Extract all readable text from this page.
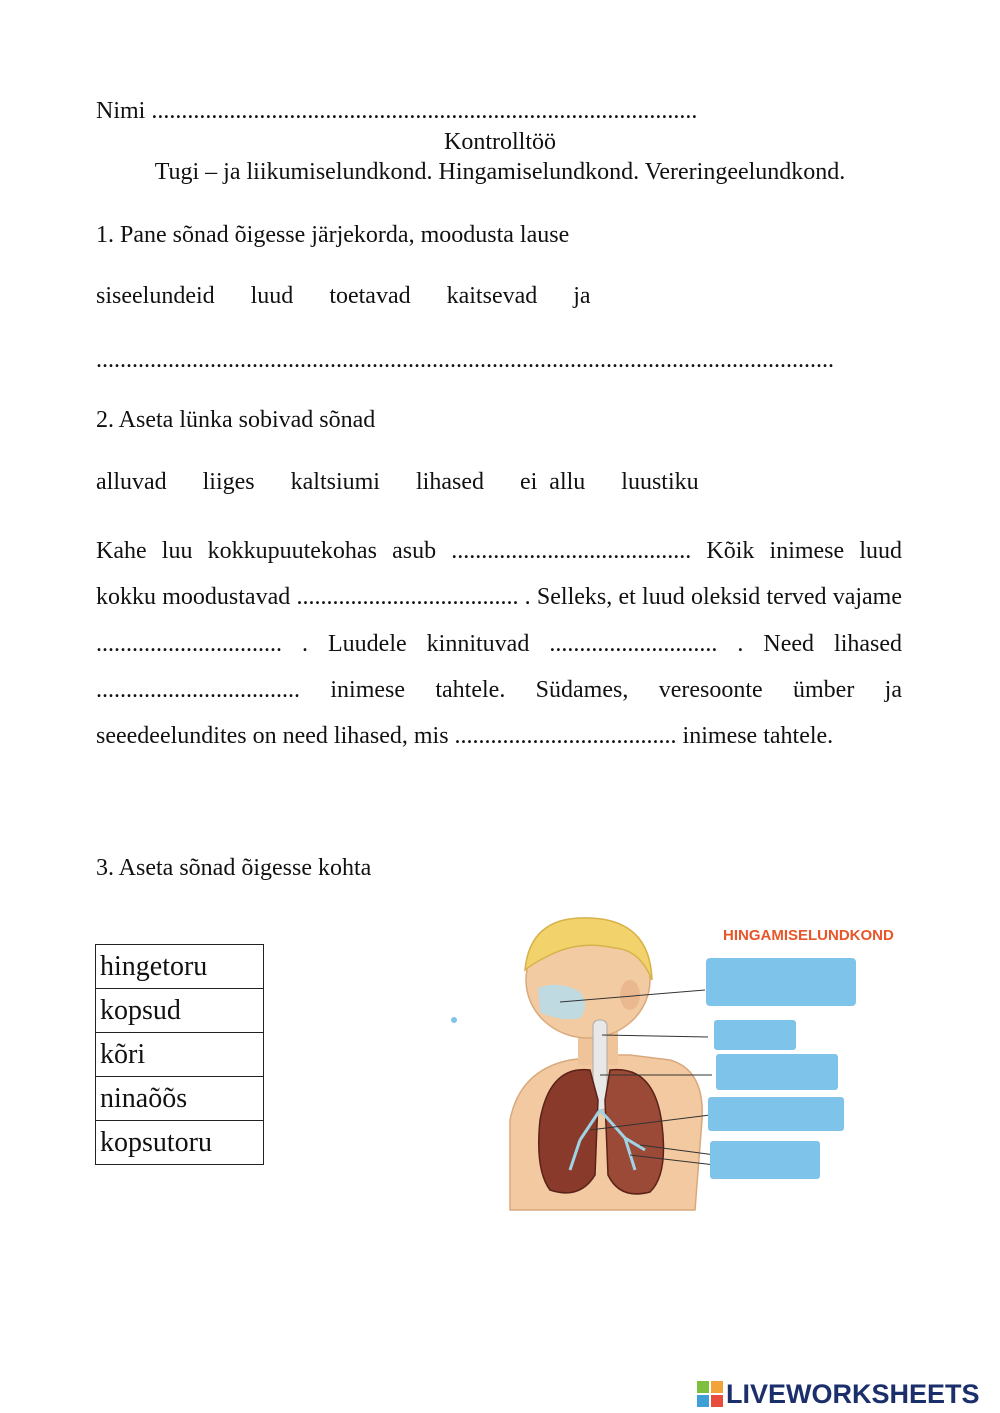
Nimi ...........................................................................................
Kontrolltöö
Tugi – ja liikumiselundkond. Hingamiselundkond. Vereringeelundkond.
1. Pane sõnad õigesse järjekorda, moodusta lause
siseelundeid luud toetavad kaitsevad ja
...........................................................................................................................
2. Aseta lünka sobivad sõnad
alluvad liiges kaltsiumi lihased ei  allu luustiku
Kahe luu kokkupuutekohas asub ........................................ Kõik inimese luud kokku moodustavad ..................................... . Selleks, et luud oleksid terved vajame ............................... . Luudele kinnituvad ............................ . Need lihased .................................. inimese tahtele. Südames, veresoonte ümber ja seeedeelundites on need lihased, mis ..................................... inimese tahtele.
3. Aseta sõnad õigesse kohta
hingetoru
kopsud
kõri
ninaõõs
kopsutoru
HINGAMISELUNDKOND
LIVEWORKSHEETS
